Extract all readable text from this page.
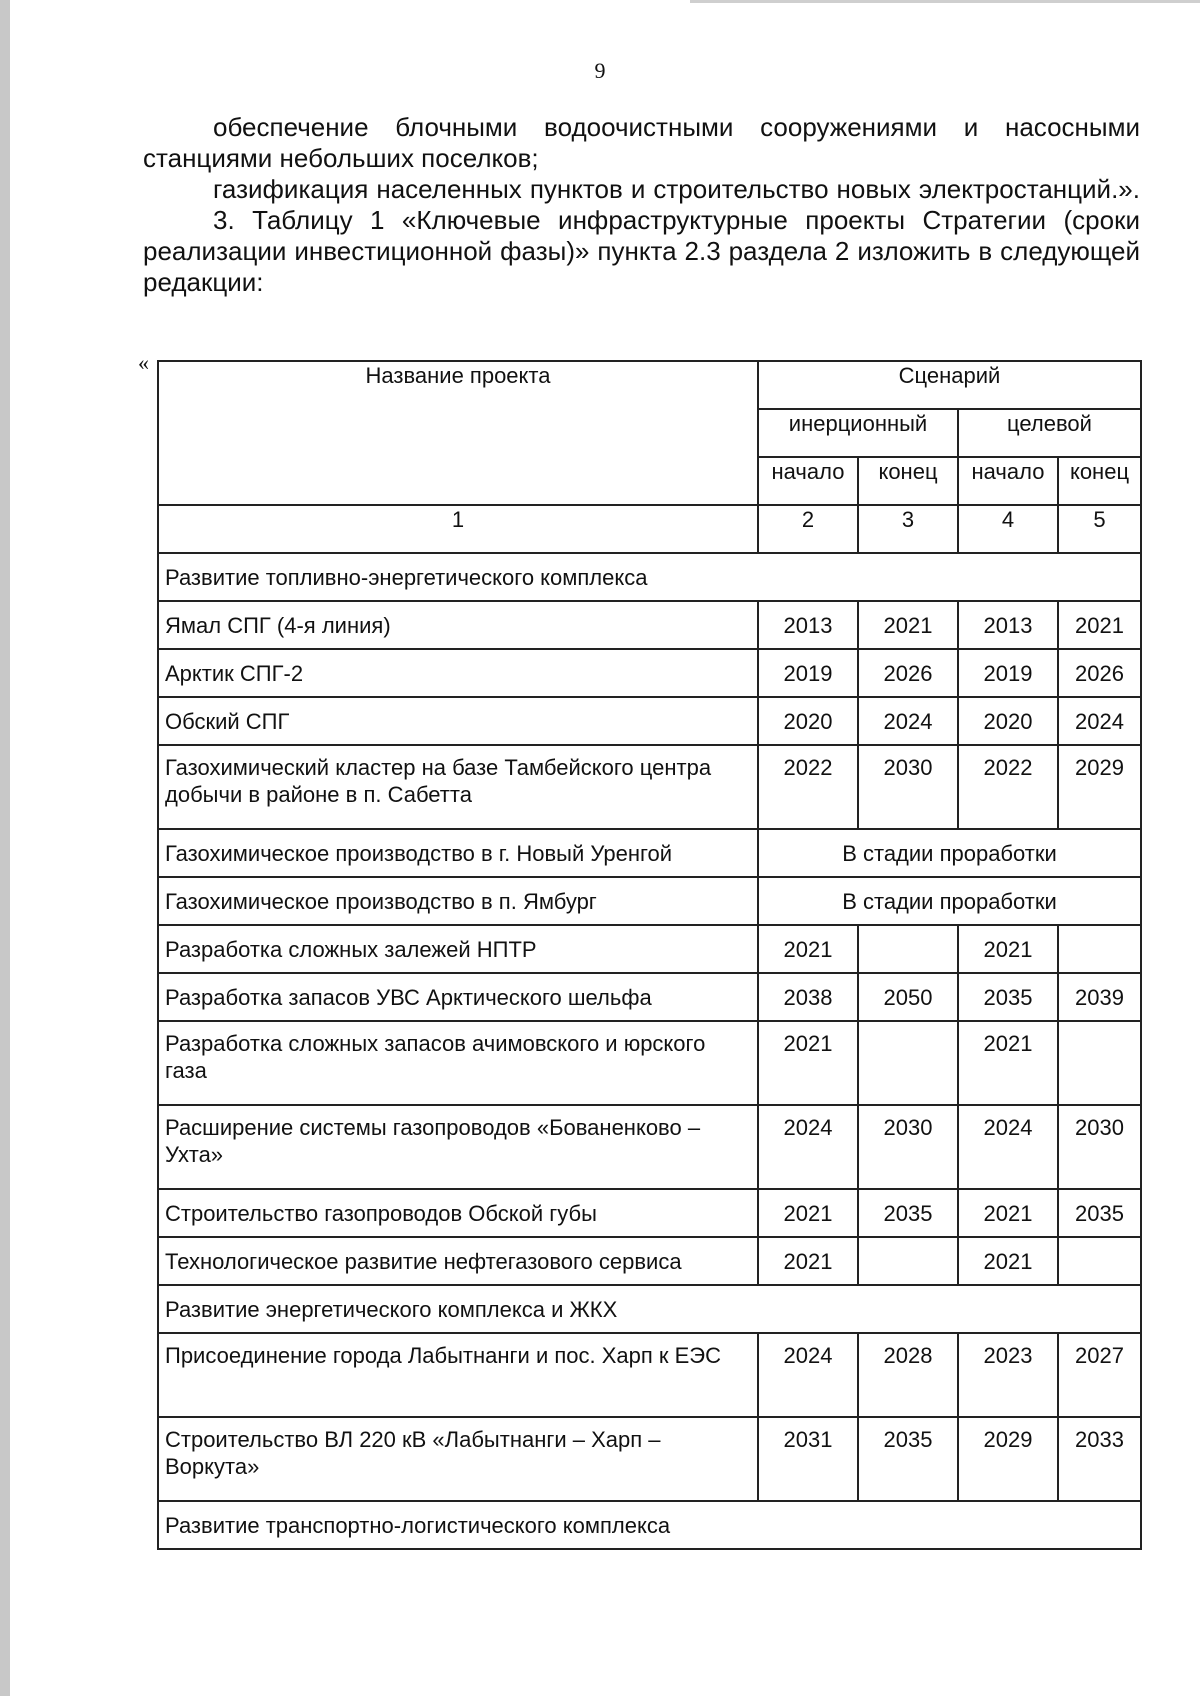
9

обеспечение блочными водоочистными сооружениями и насосными станциями небольших поселков;

газификация населенных пунктов и строительство новых электростанций.».

3. Таблицу 1 «Ключевые инфраструктурные проекты Стратегии (сроки реализации инвестиционной фазы)» пункта 2.3 раздела 2 изложить в следующей редакции:

«
Название проекта	Сценарий			
	инерционный		целевой	
	начало	конец	начало	конец
1	2	3	4	5
Развитие топливно-энергетического комплекса				
Ямал СПГ (4-я линия)	2013	2021	2013	2021
Арктик СПГ-2	2019	2026	2019	2026
Обский СПГ	2020	2024	2020	2024
Газохимический кластер на базе Тамбейского центра добычи в районе в п. Сабетта	2022	2030	2022	2029
Газохимическое производство в г. Новый Уренгой	В стадии проработки			
Газохимическое производство в п. Ямбург	В стадии проработки			
Разработка сложных залежей НПТР	2021		2021	
Разработка запасов УВС Арктического шельфа	2038	2050	2035	2039
Разработка сложных запасов ачимовского и юрского газа	2021		2021	
Расширение системы газопроводов «Бованенково – Ухта»	2024	2030	2024	2030
Строительство газопроводов Обской губы	2021	2035	2021	2035
Технологическое развитие нефтегазового сервиса	2021		2021	
Развитие энергетического комплекса и ЖКХ				
Присоединение города Лабытнанги и пос. Харп к ЕЭС	2024	2028	2023	2027
Строительство ВЛ 220 кВ «Лабытнанги – Харп – Воркута»	2031	2035	2029	2033
Развитие транспортно-логистического комплекса				
